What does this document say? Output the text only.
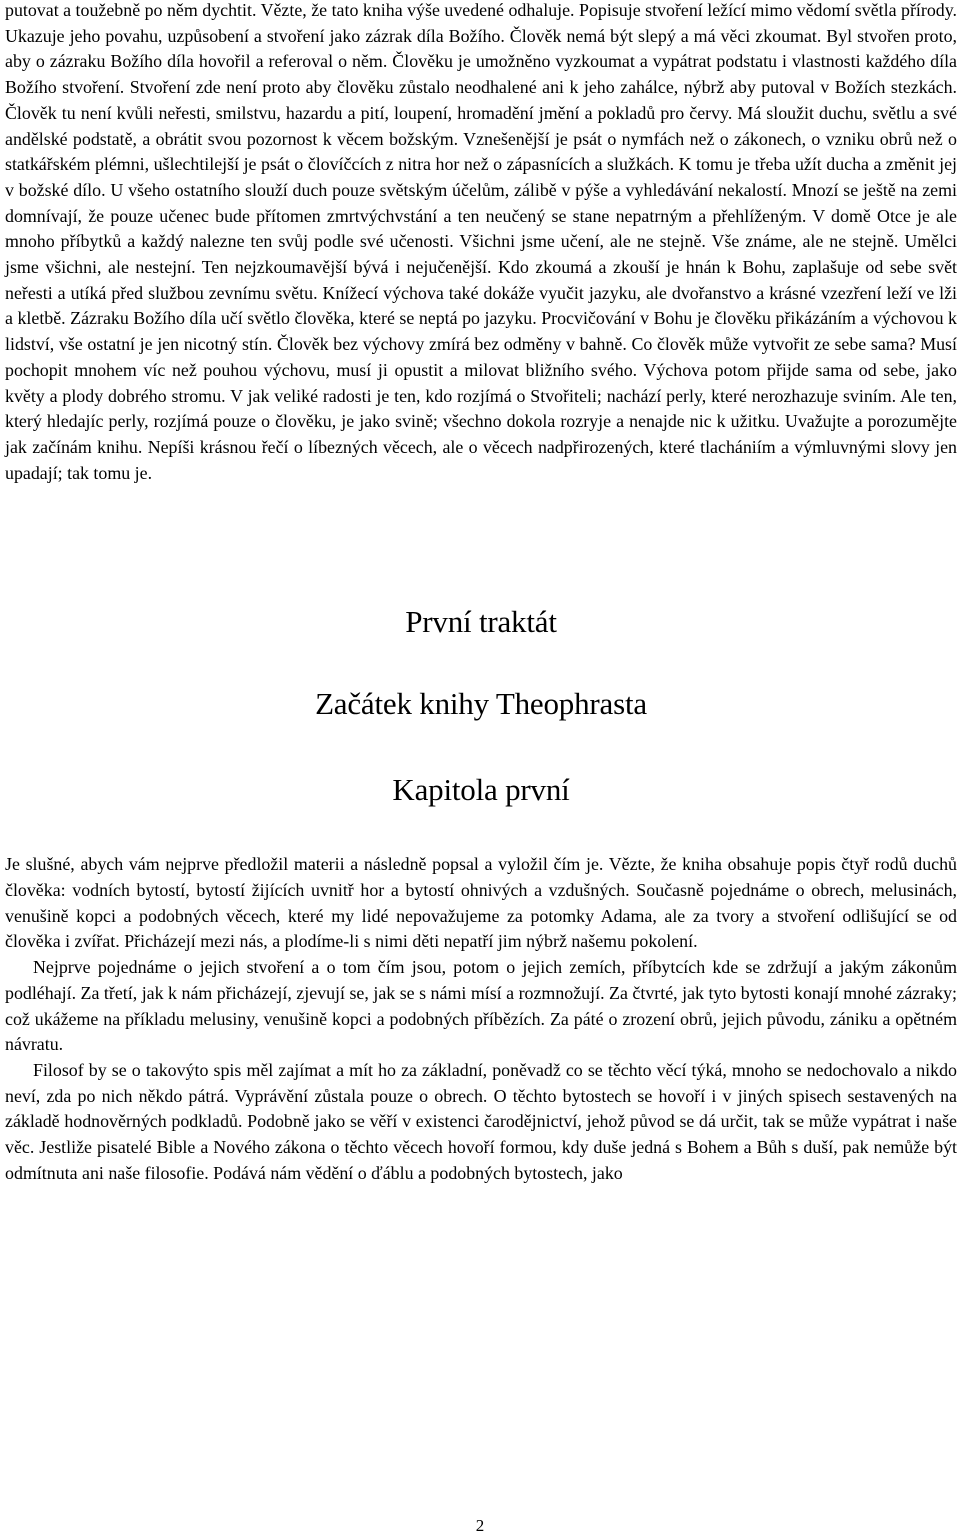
putovat a toužebně po něm dychtit. Vězte, že tato kniha výše uvedené odhaluje. Popisuje stvoření ležící mimo vědomí světla přírody. Ukazuje jeho povahu, uzpůsobení a stvoření jako zázrak díla Božího. Člověk nemá být slepý a má věci zkoumat. Byl stvořen proto, aby o zázraku Božího díla hovořil a referoval o něm. Člověku je umožněno vyzkoumat a vypátrat podstatu i vlastnosti každého díla Božího stvoření. Stvoření zde není proto aby člověku zůstalo neodhalené ani k jeho zahálce, nýbrž aby putoval v Božích stezkách. Člověk tu není kvůli neřesti, smilstvu, hazardu a pití, loupení, hromadění jmění a pokladů pro červy. Má sloužit duchu, světlu a své andělské podstatě, a obrátit svou pozornost k věcem božským. Vznešenější je psát o nymfách než o zákonech, o vzniku obrů než o statkářském plémni, ušlechtilejší je psát o človíčcích z nitra hor než o zápasnících a služkách. K tomu je třeba užít ducha a změnit jej v božské dílo. U všeho ostatního slouží duch pouze světským účelům, zálibě v pýše a vyhledávání nekalostí. Mnozí se ještě na zemi domnívají, že pouze učenec bude přítomen zmrtvýchvstání a ten neučený se stane nepatrným a přehlíženým. V domě Otce je ale mnoho příbytků a každý nalezne ten svůj podle své učenosti. Všichni jsme učení, ale ne stejně. Vše známe, ale ne stejně. Umělci jsme všichni, ale nestejní. Ten nejzkoumavější bývá i nejučenější. Kdo zkoumá a zkouší je hnán k Bohu, zaplašuje od sebe svět neřesti a utíká před službou zevnímu světu. Knížecí výchova také dokáže vyučit jazyku, ale dvořanstvo a krásné vzezření leží ve lži a kletbě. Zázraku Božího díla učí světlo člověka, které se neptá po jazyku. Procvičování v Bohu je člověku přikázáním a výchovou k lidství, vše ostatní je jen nicotný stín. Člověk bez výchovy zmírá bez odměny v bahně. Co člověk může vytvořit ze sebe sama? Musí pochopit mnohem víc než pouhou výchovu, musí ji opustit a milovat bližního svého. Výchova potom přijde sama od sebe, jako květy a plody dobrého stromu. V jak veliké radosti je ten, kdo rozjímá o Stvořiteli; nachází perly, které nerozhazuje sviním. Ale ten, který hledajíc perly, rozjímá pouze o člověku, je jako svině; všechno dokola rozryje a nenajde nic k užitku. Uvažujte a porozumějte jak začínám knihu. Nepíši krásnou řečí o líbezných věcech, ale o věcech nadpřirozených, které tlachániím a výmluvnými slovy jen upadají; tak tomu je.

První traktát
Začátek knihy Theophrasta
Kapitola první

Je slušné, abych vám nejprve předložil materii a následně popsal a vyložil čím je. Vězte, že kniha obsahuje popis čtyř rodů duchů člověka: vodních bytostí, bytostí žijících uvnitř hor a bytostí ohnivých a vzdušných. Současně pojednáme o obrech, melusinách, venušině kopci a podobných věcech, které my lidé nepovažujeme za potomky Adama, ale za tvory a stvoření odlišující se od člověka i zvířat. Přicházejí mezi nás, a plodíme-li s nimi děti nepatří jim nýbrž našemu pokolení.

Nejprve pojednáme o jejich stvoření a o tom čím jsou, potom o jejich zemích, příbytcích kde se zdržují a jakým zákonům podléhají. Za třetí, jak k nám přicházejí, zjevují se, jak se s námi mísí a rozmnožují. Za čtvrté, jak tyto bytosti konají mnohé zázraky; což ukážeme na příkladu melusiny, venušině kopci a podobných příbězích. Za páté o zrození obrů, jejich původu, zániku a opětném návratu.

Filosof by se o takovýto spis měl zajímat a mít ho za základní, poněvadž co se těchto věcí týká, mnoho se nedochovalo a nikdo neví, zda po nich někdo pátrá. Vyprávění zůstala pouze o obrech. O těchto bytostech se hovoří i v jiných spisech sestavených na základě hodnověrných podkladů. Podobně jako se věří v existenci čarodějnictví, jehož původ se dá určit, tak se může vypátrat i naše věc. Jestliže pisatelé Bible a Nového zákona o těchto věcech hovoří formou, kdy duše jedná s Bohem a Bůh s duší, pak nemůže být odmítnuta ani naše filosofie. Podává nám vědění o ďáblu a podobných bytostech, jako

2
